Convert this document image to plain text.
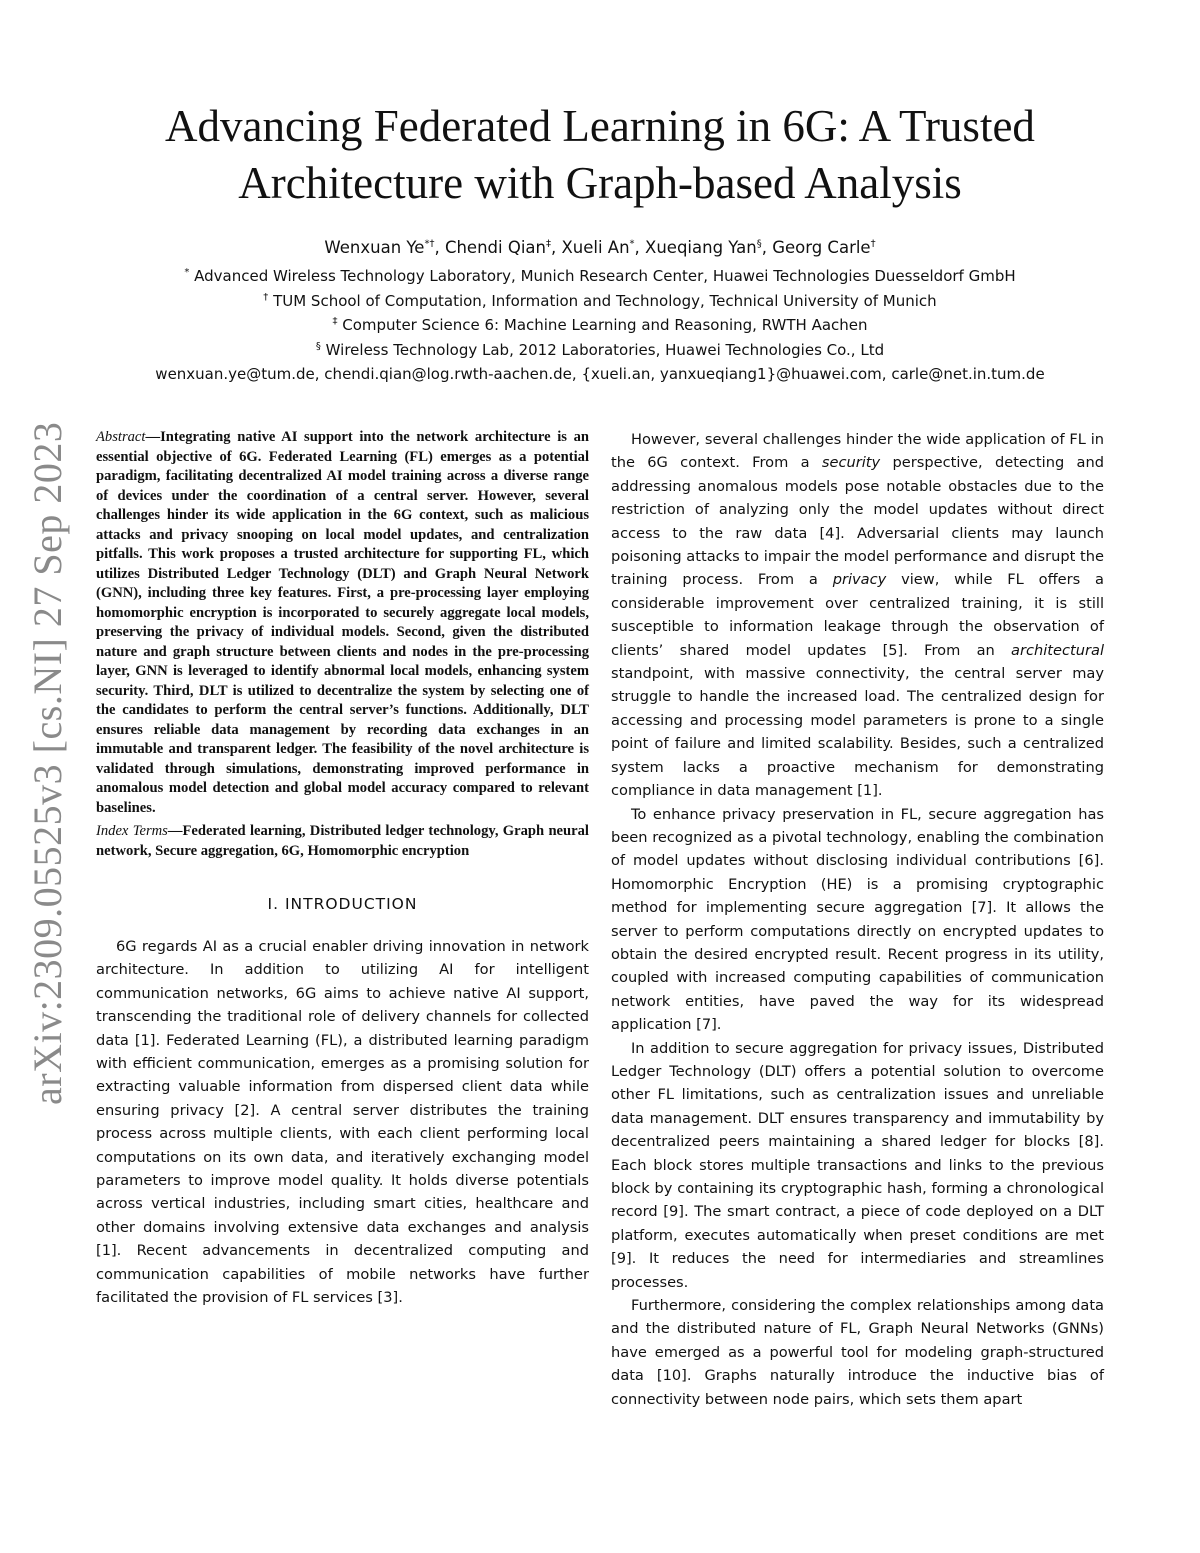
arXiv:2309.05525v3 [cs.NI] 27 Sep 2023
Advancing Federated Learning in 6G: A Trusted
Architecture with Graph-based Analysis
Wenxuan Ye*†, Chendi Qian‡, Xueli An*, Xueqiang Yan§, Georg Carle†
* Advanced Wireless Technology Laboratory, Munich Research Center, Huawei Technologies Duesseldorf GmbH
† TUM School of Computation, Information and Technology, Technical University of Munich
‡ Computer Science 6: Machine Learning and Reasoning, RWTH Aachen
§ Wireless Technology Lab, 2012 Laboratories, Huawei Technologies Co., Ltd
wenxuan.ye@tum.de, chendi.qian@log.rwth-aachen.de, {xueli.an, yanxueqiang1}@huawei.com, carle@net.in.tum.de

Abstract—Integrating native AI support into the network architecture is an essential objective of 6G. Federated Learning (FL) emerges as a potential paradigm, facilitating decentralized AI model training across a diverse range of devices under the coordination of a central server. However, several challenges hinder its wide application in the 6G context, such as malicious attacks and privacy snooping on local model updates, and centralization pitfalls. This work proposes a trusted architecture for supporting FL, which utilizes Distributed Ledger Technology (DLT) and Graph Neural Network (GNN), including three key features. First, a pre-processing layer employing homomorphic encryption is incorporated to securely aggregate local models, preserving the privacy of individual models. Second, given the distributed nature and graph structure between clients and nodes in the pre-processing layer, GNN is leveraged to identify abnormal local models, enhancing system security. Third, DLT is utilized to decentralize the system by selecting one of the candidates to perform the central server’s functions. Additionally, DLT ensures reliable data management by recording data exchanges in an immutable and transparent ledger. The feasibility of the novel architecture is validated through simulations, demonstrating improved performance in anomalous model detection and global model accuracy compared to relevant baselines.

Index Terms—Federated learning, Distributed ledger technology, Graph neural network, Secure aggregation, 6G, Homomorphic encryption

I. INTRODUCTION

6G regards AI as a crucial enabler driving innovation in network architecture. In addition to utilizing AI for intelligent communication networks, 6G aims to achieve native AI support, transcending the traditional role of delivery channels for collected data [1]. Federated Learning (FL), a distributed learning paradigm with efficient communication, emerges as a promising solution for extracting valuable information from dispersed client data while ensuring privacy [2]. A central server distributes the training process across multiple clients, with each client performing local computations on its own data, and iteratively exchanging model parameters to improve model quality. It holds diverse potentials across vertical industries, including smart cities, healthcare and other domains involving extensive data exchanges and analysis [1]. Recent advancements in decentralized computing and communication capabilities of mobile networks have further facilitated the provision of FL services [3].

However, several challenges hinder the wide application of FL in the 6G context. From a security perspective, detecting and addressing anomalous models pose notable obstacles due to the restriction of analyzing only the model updates without direct access to the raw data [4]. Adversarial clients may launch poisoning attacks to impair the model performance and disrupt the training process. From a privacy view, while FL offers a considerable improvement over centralized training, it is still susceptible to information leakage through the observation of clients’ shared model updates [5]. From an architectural standpoint, with massive connectivity, the central server may struggle to handle the increased load. The centralized design for accessing and processing model parameters is prone to a single point of failure and limited scalability. Besides, such a centralized system lacks a proactive mechanism for demonstrating compliance in data management [1].

To enhance privacy preservation in FL, secure aggregation has been recognized as a pivotal technology, enabling the combination of model updates without disclosing individual contributions [6]. Homomorphic Encryption (HE) is a promising cryptographic method for implementing secure aggregation [7]. It allows the server to perform computations directly on encrypted updates to obtain the desired encrypted result. Recent progress in its utility, coupled with increased computing capabilities of communication network entities, have paved the way for its widespread application [7].

In addition to secure aggregation for privacy issues, Distributed Ledger Technology (DLT) offers a potential solution to overcome other FL limitations, such as centralization issues and unreliable data management. DLT ensures transparency and immutability by decentralized peers maintaining a shared ledger for blocks [8]. Each block stores multiple transactions and links to the previous block by containing its cryptographic hash, forming a chronological record [9]. The smart contract, a piece of code deployed on a DLT platform, executes automatically when preset conditions are met [9]. It reduces the need for intermediaries and streamlines processes.

Furthermore, considering the complex relationships among data and the distributed nature of FL, Graph Neural Networks (GNNs) have emerged as a powerful tool for modeling graph-structured data [10]. Graphs naturally introduce the inductive bias of connectivity between node pairs, which sets them apart
